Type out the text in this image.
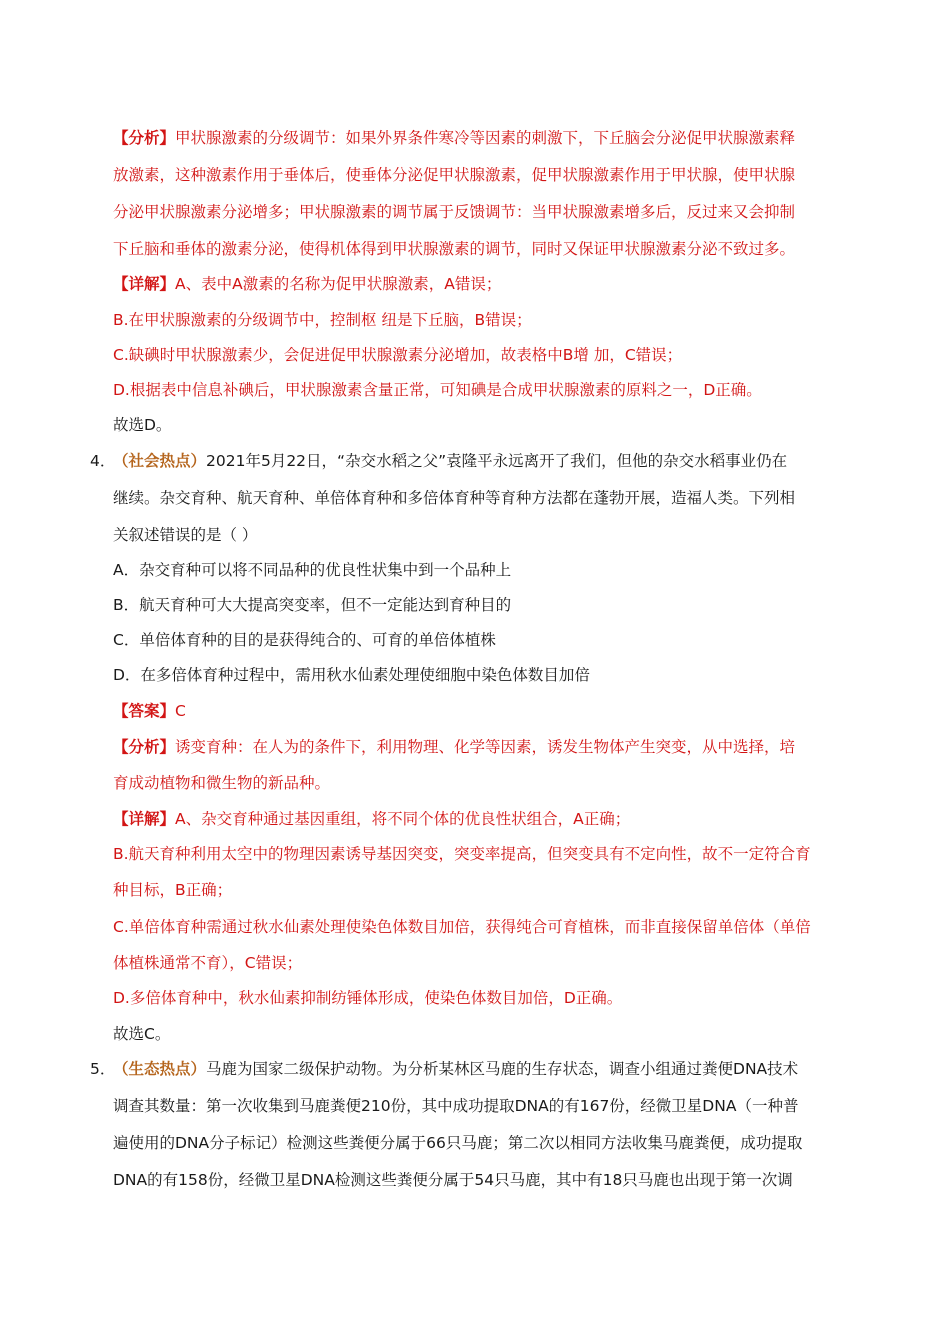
【分析】甲状腺激素的分级调节：如果外界条件寒冷等因素的刺激下，下丘脑会分泌促甲状腺激素释
放激素，这种激素作用于垂体后，使垂体分泌促甲状腺激素，促甲状腺激素作用于甲状腺，使甲状腺
分泌甲状腺激素分泌增多；甲状腺激素的调节属于反馈调节：当甲状腺激素增多后，反过来又会抑制
下丘脑和垂体的激素分泌，使得机体得到甲状腺激素的调节，同时又保证甲状腺激素分泌不致过多。
【详解】A、表中A激素的名称为促甲状腺激素，A错误；
B.在甲状腺激素的分级调节中，控制枢 纽是下丘脑，B错误；
C.缺碘时甲状腺激素少，会促进促甲状腺激素分泌增加，故表格中B增 加，C错误；
D.根据表中信息补碘后，甲状腺激素含量正常，可知碘是合成甲状腺激素的原料之一，D正确。
故选D。
4．
（社会热点）2021年5月22日，“杂交水稻之父”袁隆平永远离开了我们，但他的杂交水稻事业仍在
继续。杂交育种、航天育种、单倍体育种和多倍体育种等育种方法都在蓬勃开展，造福人类。下列相
关叙述错误的是（ ）
A．杂交育种可以将不同品种的优良性状集中到一个品种上
B．航天育种可大大提高突变率，但不一定能达到育种目的
C．单倍体育种的目的是获得纯合的、可育的单倍体植株
D．在多倍体育种过程中，需用秋水仙素处理使细胞中染色体数目加倍
【答案】C
【分析】诱变育种：在人为的条件下，利用物理、化学等因素，诱发生物体产生突变，从中选择，培
育成动植物和微生物的新品种。
【详解】A、杂交育种通过基因重组，将不同个体的优良性状组合，A正确；
B.航天育种利用太空中的物理因素诱导基因突变，突变率提高，但突变具有不定向性，故不一定符合育
种目标，B正确；
C.单倍体育种需通过秋水仙素处理使染色体数目加倍，获得纯合可育植株，而非直接保留单倍体（单倍
体植株通常不育），C错误；
D.多倍体育种中，秋水仙素抑制纺锤体形成，使染色体数目加倍，D正确。
故选C。
5．
（生态热点）马鹿为国家二级保护动物。为分析某林区马鹿的生存状态，调查小组通过粪便DNA技术
调查其数量：第一次收集到马鹿粪便210份，其中成功提取DNA的有167份，经微卫星DNA（一种普
遍使用的DNA分子标记）检测这些粪便分属于66只马鹿；第二次以相同方法收集马鹿粪便，成功提取
DNA的有158份，经微卫星DNA检测这些粪便分属于54只马鹿，其中有18只马鹿也出现于第一次调
